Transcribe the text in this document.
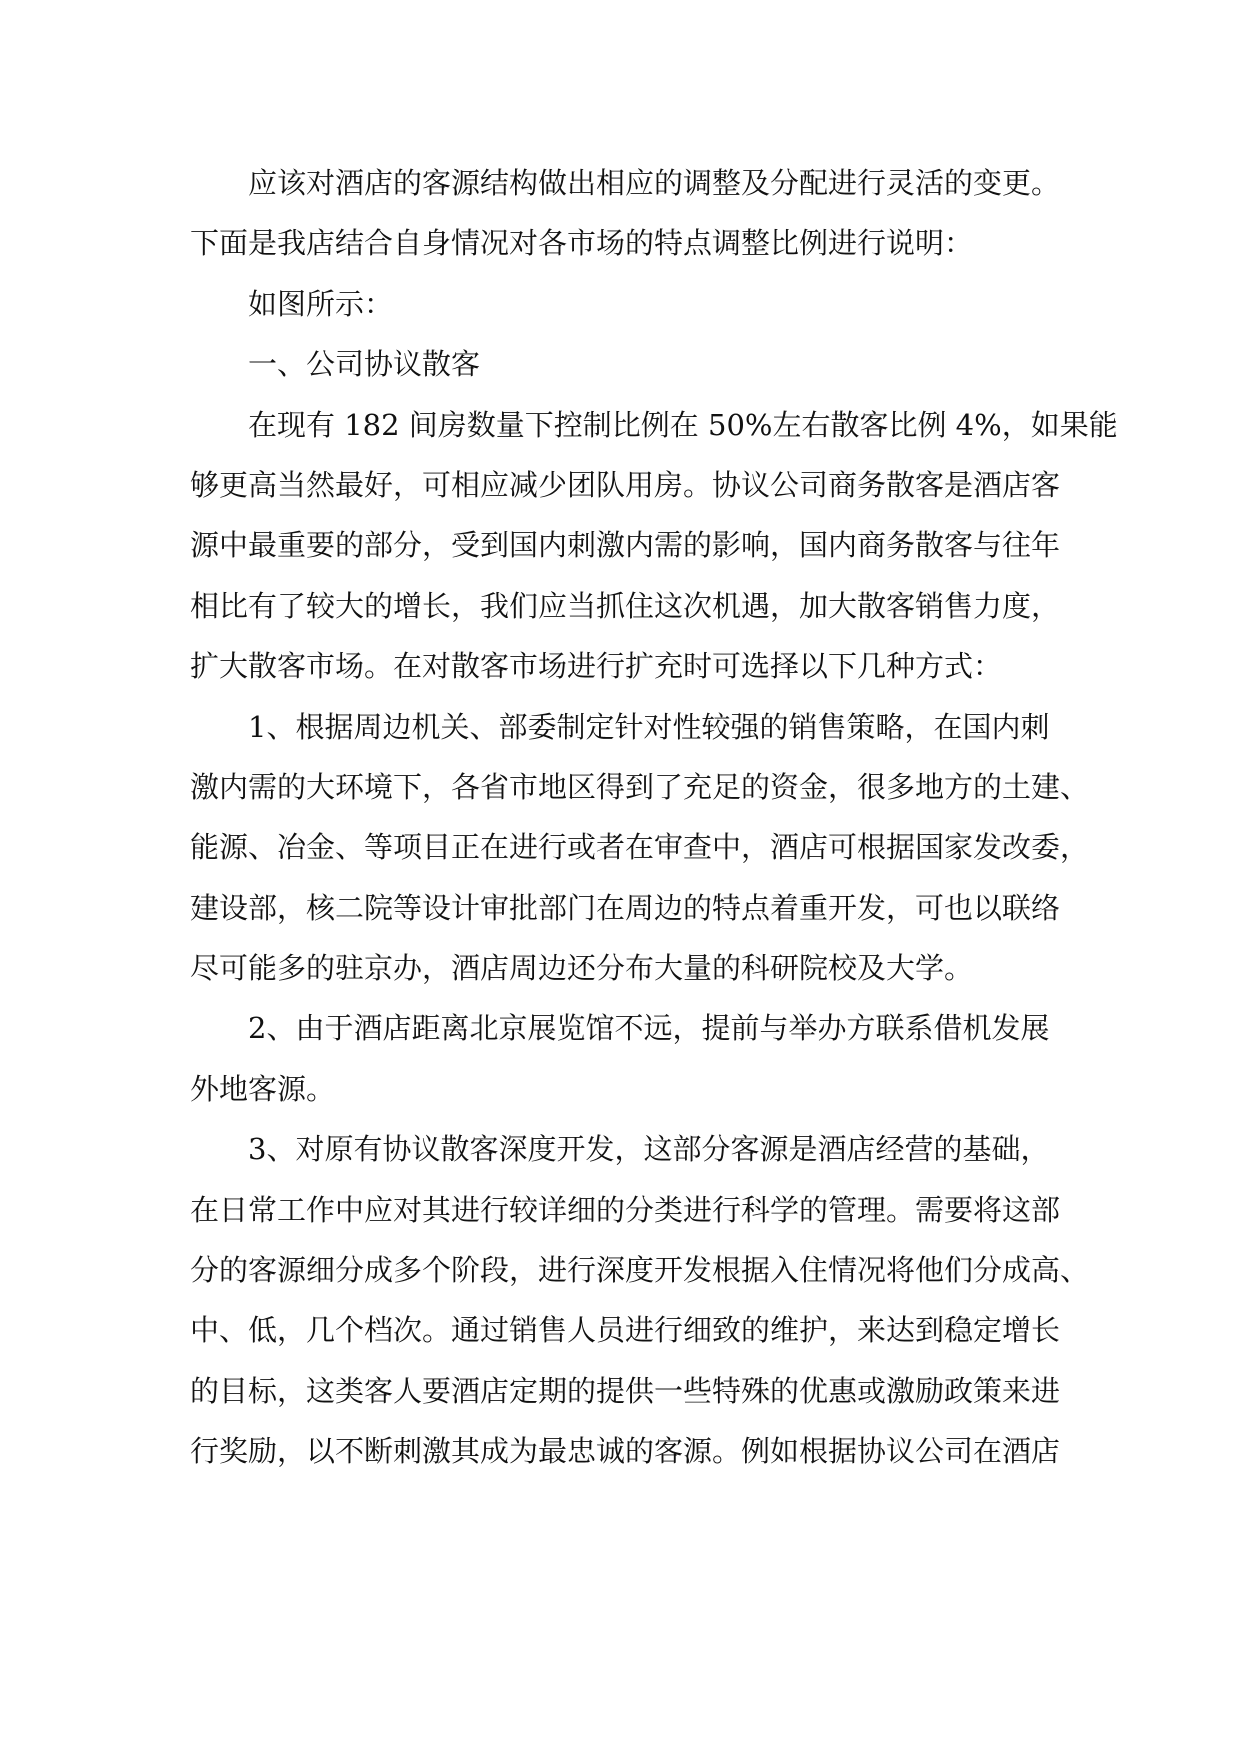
应该对酒店的客源结构做出相应的调整及分配进行灵活的变更。

下面是我店结合自身情况对各市场的特点调整比例进行说明：

如图所示：

一、公司协议散客

在现有 182 间房数量下控制比例在 50%左右散客比例 4%，如果能

够更高当然最好，可相应减少团队用房。协议公司商务散客是酒店客

源中最重要的部分，受到国内刺激内需的影响，国内商务散客与往年

相比有了较大的增长，我们应当抓住这次机遇，加大散客销售力度，

扩大散客市场。在对散客市场进行扩充时可选择以下几种方式：

1、根据周边机关、部委制定针对性较强的销售策略，在国内刺

激内需的大环境下，各省市地区得到了充足的资金，很多地方的土建、

能源、冶金、等项目正在进行或者在审查中，酒店可根据国家发改委，

建设部，核二院等设计审批部门在周边的特点着重开发，可也以联络

尽可能多的驻京办，酒店周边还分布大量的科研院校及大学。

2、由于酒店距离北京展览馆不远，提前与举办方联系借机发展

外地客源。

3、对原有协议散客深度开发，这部分客源是酒店经营的基础，

在日常工作中应对其进行较详细的分类进行科学的管理。需要将这部

分的客源细分成多个阶段，进行深度开发根据入住情况将他们分成高、

中、低，几个档次。通过销售人员进行细致的维护，来达到稳定增长

的目标，这类客人要酒店定期的提供一些特殊的优惠或激励政策来进

行奖励，以不断刺激其成为最忠诚的客源。例如根据协议公司在酒店
